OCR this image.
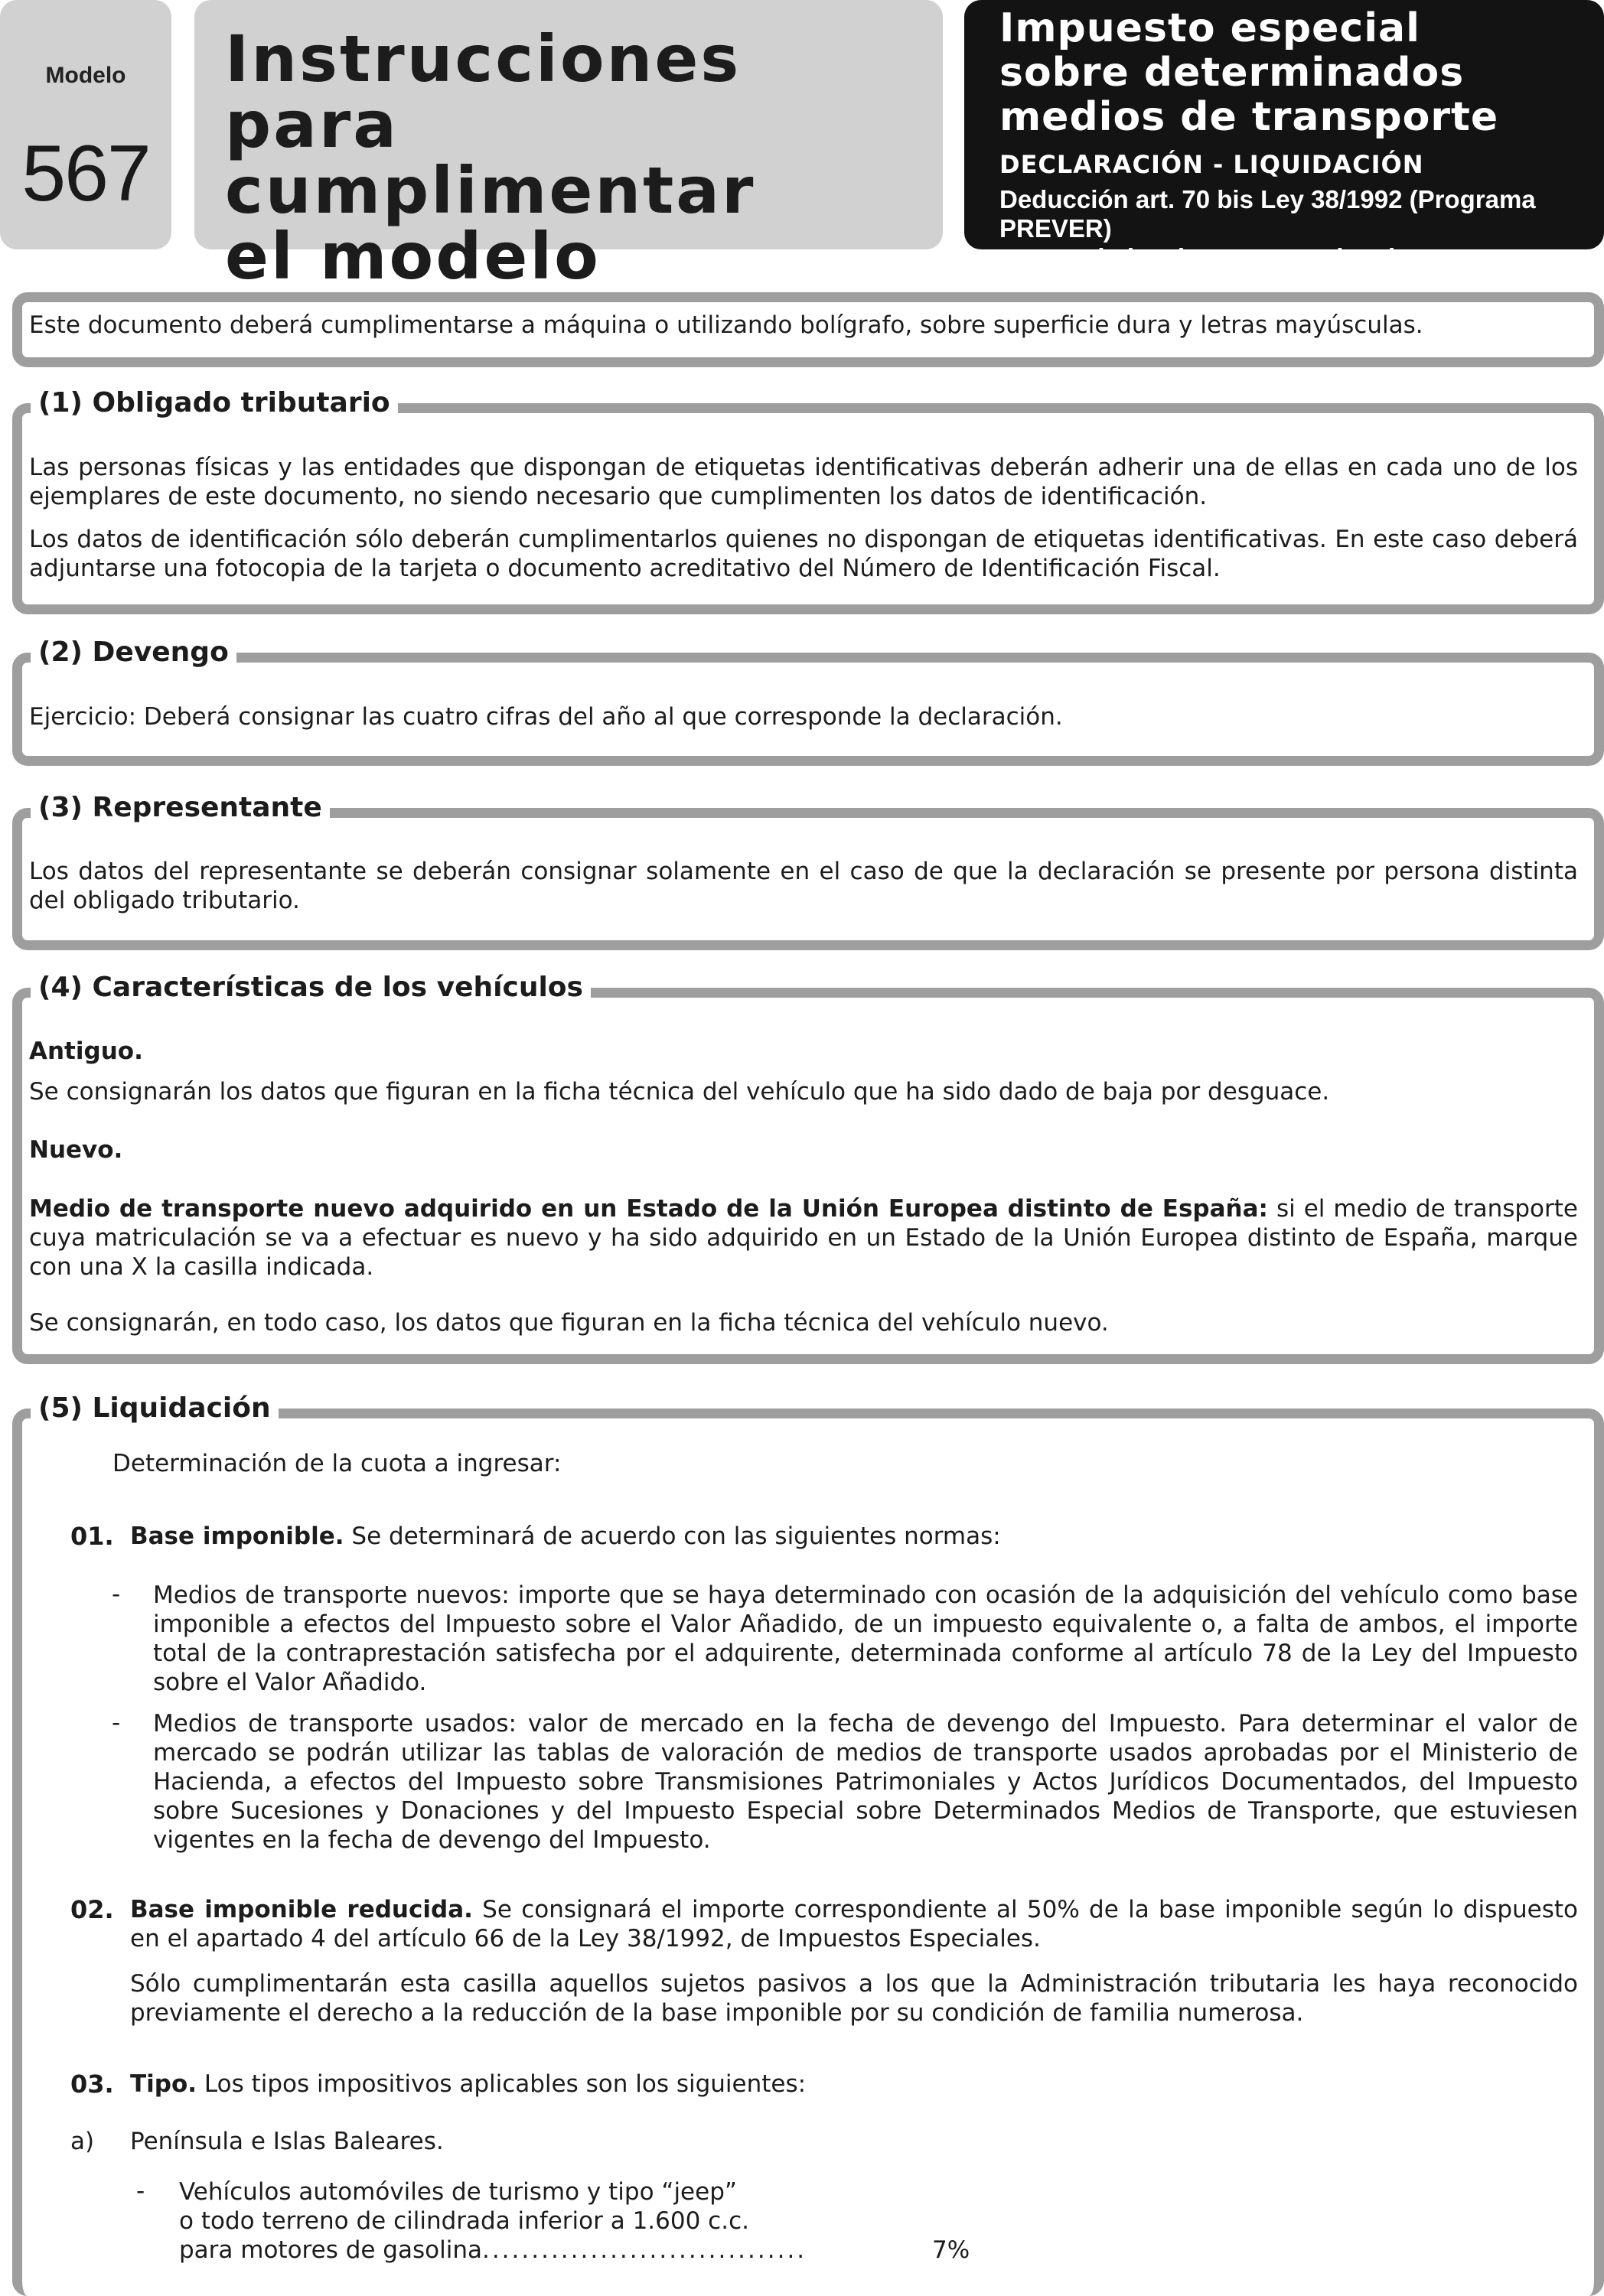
Modelo
567
Instrucciones
para cumplimentar
el modelo
Impuesto especial
sobre determinados
medios de transporte
DECLARACIÓN - LIQUIDACIÓN
Deducción art. 70 bis Ley 38/1992 (Programa PREVER)
y otras deducciones excepcionales.
Este documento deberá cumplimentarse a máquina o utilizando bolígrafo, sobre superficie dura y letras mayúsculas.
(1) Obligado tributario
Las personas físicas y las entidades que dispongan de etiquetas identificativas deberán adherir una de ellas en cada uno de los ejemplares de este documento, no siendo necesario que cumplimenten los datos de identificación.
Los datos de identificación sólo deberán cumplimentarlos quienes no dispongan de etiquetas identificativas. En este caso deberá adjuntarse una fotocopia de la tarjeta o documento acreditativo del Número de Identificación Fiscal.
(2) Devengo
Ejercicio: Deberá consignar las cuatro cifras del año al que corresponde la declaración.
(3) Representante
Los datos del representante se deberán consignar solamente en el caso de que la declaración se presente por persona distinta del obligado tributario.
(4) Características de los vehículos
Antiguo.
Se consignarán los datos que figuran en la ficha técnica del vehículo que ha sido dado de baja por desguace.
Nuevo.
Medio de transporte nuevo adquirido en un Estado de la Unión Europea distinto de España: si el medio de transporte cuya matriculación se va a efectuar es nuevo y ha sido adquirido en un Estado de la Unión Europea distinto de España, marque con una X la casilla indicada.
Se consignarán, en todo caso, los datos que figuran en la ficha técnica del vehículo nuevo.
(5) Liquidación
Determinación de la cuota a ingresar:
01. Base imponible. Se determinará de acuerdo con las siguientes normas:
- Medios de transporte nuevos: importe que se haya determinado con ocasión de la adquisición del vehículo como base imponible a efectos del Impuesto sobre el Valor Añadido, de un impuesto equivalente o, a falta de ambos, el importe total de la contraprestación satisfecha por el adquirente, determinada conforme al artículo 78 de la Ley del Impuesto sobre el Valor Añadido.
- Medios de transporte usados: valor de mercado en la fecha de devengo del Impuesto. Para determinar el valor de mercado se podrán utilizar las tablas de valoración de medios de transporte usados aprobadas por el Ministerio de Hacienda, a efectos del Impuesto sobre Transmisiones Patrimoniales y Actos Jurídicos Documentados, del Impuesto sobre Sucesiones y Donaciones y del Impuesto Especial sobre Determinados Medios de Transporte, que estuviesen vigentes en la fecha de devengo del Impuesto.
02. Base imponible reducida. Se consignará el importe correspondiente al 50% de la base imponible según lo dispuesto en el apartado 4 del artículo 66 de la Ley 38/1992, de Impuestos Especiales.
Sólo cumplimentarán esta casilla aquellos sujetos pasivos a los que la Administración tributaria les haya reconocido previamente el derecho a la reducción de la base imponible por su condición de familia numerosa.
03. Tipo. Los tipos impositivos aplicables son los siguientes:
a) Península e Islas Baleares.
- Vehículos automóviles de turismo y tipo “jeep”
o todo terreno de cilindrada inferior a 1.600 c.c.
para motores de gasolina.................................	7%
